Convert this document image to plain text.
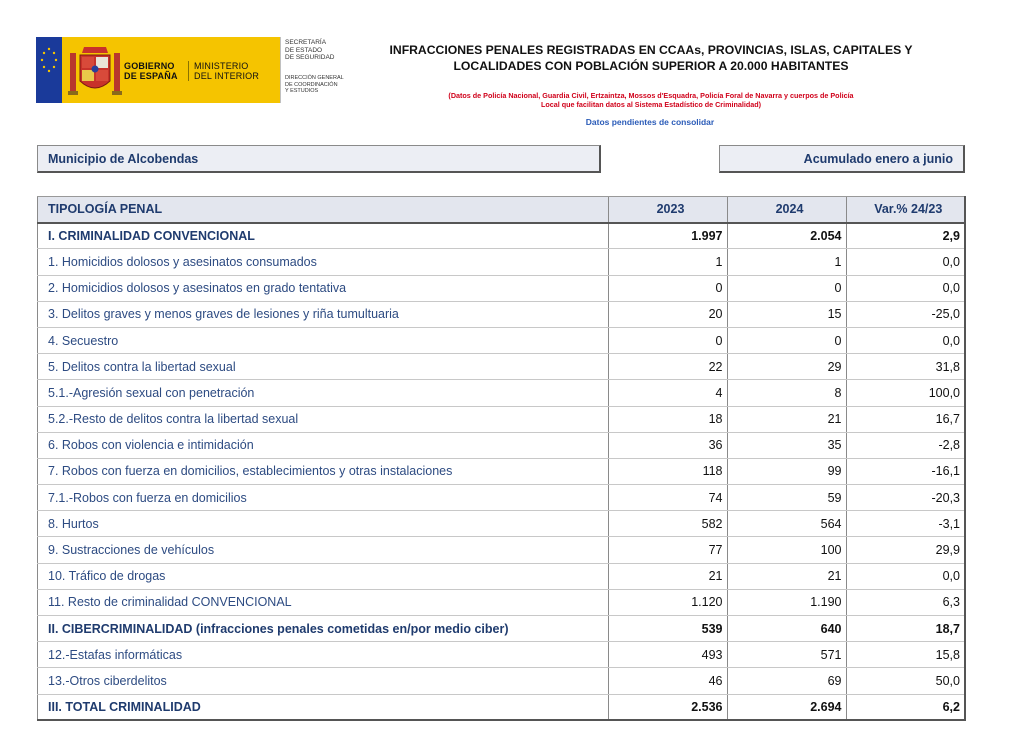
GOBIERNO
DE ESPAÑA
MINISTERIO
DEL INTERIOR
SECRETARÍA
DE ESTADO
DE SEGURIDAD
DIRECCIÓN GENERAL
DE COORDINACIÓN
Y ESTUDIOS
INFRACCIONES PENALES REGISTRADAS EN CCAAs, PROVINCIAS, ISLAS, CAPITALES Y
LOCALIDADES CON POBLACIÓN SUPERIOR A 20.000 HABITANTES
(Datos de Policía Nacional, Guardia Civil, Ertzaintza, Mossos d'Esquadra, Policía Foral de Navarra y cuerpos de Policía
Local que facilitan datos al Sistema Estadístico de Criminalidad)
Datos pendientes de consolidar
Municipio de Alcobendas	Acumulado enero a junio
TIPOLOGÍA PENAL	2023	2024	Var.% 24/23
I. CRIMINALIDAD CONVENCIONAL	1.997	2.054	2,9
1. Homicidios dolosos y asesinatos consumados	1	1	0,0
2. Homicidios dolosos y asesinatos en grado tentativa	0	0	0,0
3. Delitos graves y menos graves de lesiones y riña tumultuaria	20	15	-25,0
4. Secuestro	0	0	0,0
5. Delitos contra la libertad sexual	22	29	31,8
5.1.-Agresión sexual con penetración	4	8	100,0
5.2.-Resto de delitos contra la libertad sexual	18	21	16,7
6. Robos con violencia e intimidación	36	35	-2,8
7. Robos con fuerza en domicilios, establecimientos y otras instalaciones	118	99	-16,1
7.1.-Robos con fuerza en domicilios	74	59	-20,3
8. Hurtos	582	564	-3,1
9. Sustracciones de vehículos	77	100	29,9
10. Tráfico de drogas	21	21	0,0
11. Resto de criminalidad CONVENCIONAL	1.120	1.190	6,3
II. CIBERCRIMINALIDAD (infracciones penales cometidas en/por medio ciber)	539	640	18,7
12.-Estafas informáticas	493	571	15,8
13.-Otros ciberdelitos	46	69	50,0
III. TOTAL CRIMINALIDAD	2.536	2.694	6,2
